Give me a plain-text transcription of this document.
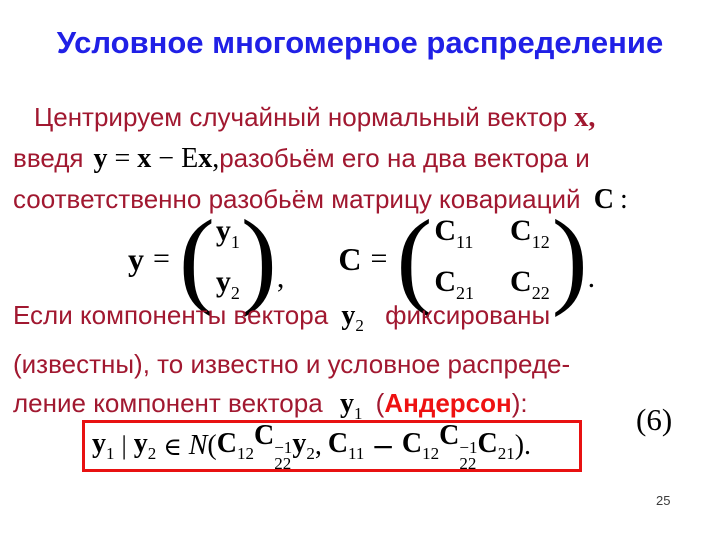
Условное многомерное распределение
Центрируем случайный нормальный вектор x,
введя y = x − Ex,разобьём его на два вектора и
соответственно разобьём матрицу ковариаций C :
y = ( y1
y2 ) ,
C = ( C11 C12
C21 C22 ) .
Если компоненты вектора $y_2$ фиксированы
(известны), то известно и условное распреде-
ление компонент вектора $y_1$ (Андерсон):
$y_1$ | $y_2$ ∈ N ( $C_{12}$
C −1
22
$y_2$ , $C_{11} - C_{12}$
C −1
22
$C_{21}$ ).
(6)
25
